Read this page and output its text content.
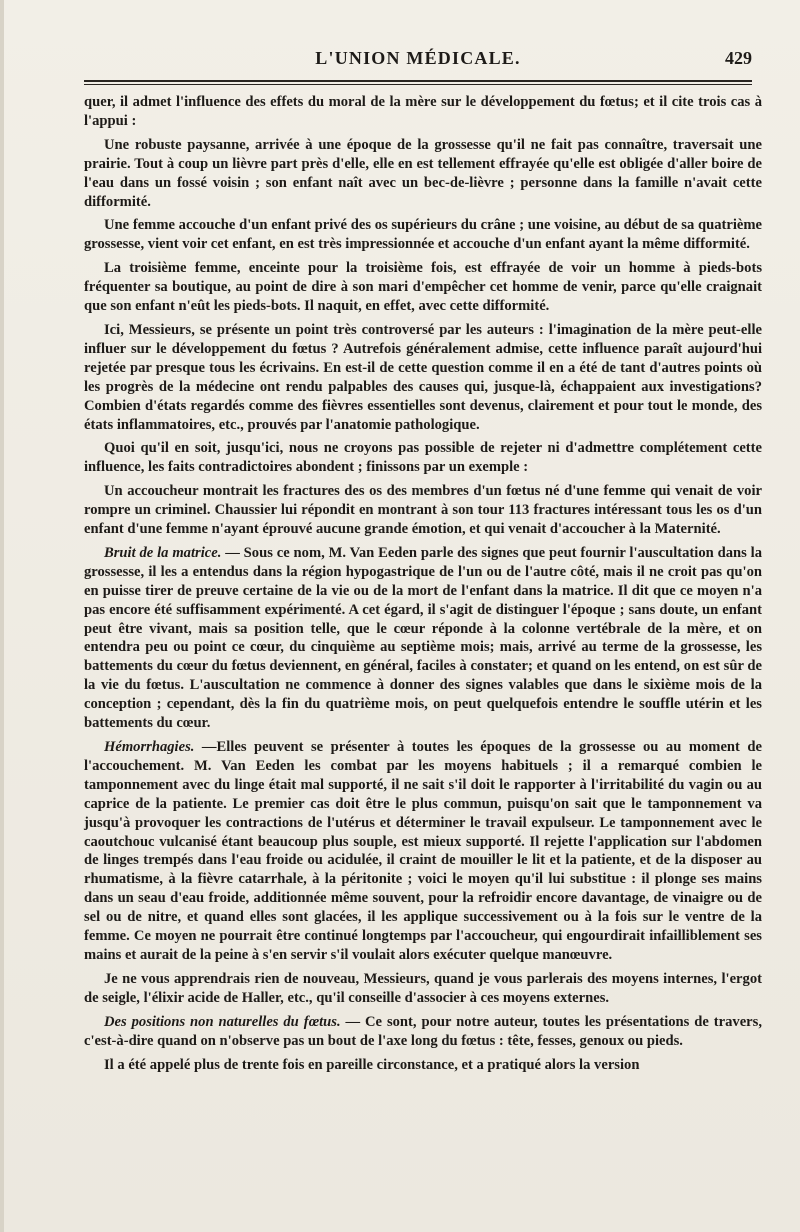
L'UNION MÉDICALE.	429

quer, il admet l'influence des effets du moral de la mère sur le développement du fœtus; et il cite trois cas à l'appui :

Une robuste paysanne, arrivée à une époque de la grossesse qu'il ne fait pas connaître, traversait une prairie. Tout à coup un lièvre part près d'elle, elle en est tellement effrayée qu'elle est obligée d'aller boire de l'eau dans un fossé voisin ; son enfant naît avec un bec-de-lièvre ; personne dans la famille n'avait cette difformité.

Une femme accouche d'un enfant privé des os supérieurs du crâne ; une voisine, au début de sa quatrième grossesse, vient voir cet enfant, en est très impressionnée et accouche d'un enfant ayant la même difformité.

La troisième femme, enceinte pour la troisième fois, est effrayée de voir un homme à pieds-bots fréquenter sa boutique, au point de dire à son mari d'empêcher cet homme de venir, parce qu'elle craignait que son enfant n'eût les pieds-bots. Il naquit, en effet, avec cette difformité.

Ici, Messieurs, se présente un point très controversé par les auteurs : l'imagination de la mère peut-elle influer sur le développement du fœtus ? Autrefois généralement admise, cette influence paraît aujourd'hui rejetée par presque tous les écrivains. En est-il de cette question comme il en a été de tant d'autres points où les progrès de la médecine ont rendu palpables des causes qui, jusque-là, échappaient aux investigations? Combien d'états regardés comme des fièvres essentielles sont devenus, clairement et pour tout le monde, des états inflammatoires, etc., prouvés par l'anatomie pathologique.

Quoi qu'il en soit, jusqu'ici, nous ne croyons pas possible de rejeter ni d'admettre complétement cette influence, les faits contradictoires abondent ; finissons par un exemple :

Un accoucheur montrait les fractures des os des membres d'un fœtus né d'une femme qui venait de voir rompre un criminel. Chaussier lui répondit en montrant à son tour 113 fractures intéressant tous les os d'un enfant d'une femme n'ayant éprouvé aucune grande émotion, et qui venait d'accoucher à la Maternité.

Bruit de la matrice. — Sous ce nom, M. Van Eeden parle des signes que peut fournir l'auscultation dans la grossesse, il les a entendus dans la région hypogastrique de l'un ou de l'autre côté, mais il ne croit pas qu'on en puisse tirer de preuve certaine de la vie ou de la mort de l'enfant dans la matrice. Il dit que ce moyen n'a pas encore été suffisamment expérimenté. A cet égard, il s'agit de distinguer l'époque ; sans doute, un enfant peut être vivant, mais sa position telle, que le cœur réponde à la colonne vertébrale de la mère, et on entendra peu ou point ce cœur, du cinquième au septième mois; mais, arrivé au terme de la grossesse, les battements du cœur du fœtus deviennent, en général, faciles à constater; et quand on les entend, on est sûr de la vie du fœtus. L'auscultation ne commence à donner des signes valables que dans le sixième mois de la conception ; cependant, dès la fin du quatrième mois, on peut quelquefois entendre le souffle utérin et les battements du cœur.

Hémorrhagies. —Elles peuvent se présenter à toutes les époques de la grossesse ou au moment de l'accouchement. M. Van Eeden les combat par les moyens habituels ; il a remarqué combien le tamponnement avec du linge était mal supporté, il ne sait s'il doit le rapporter à l'irritabilité du vagin ou au caprice de la patiente. Le premier cas doit être le plus commun, puisqu'on sait que le tamponnement va jusqu'à provoquer les contractions de l'utérus et déterminer le travail expulseur. Le tamponnement avec le caoutchouc vulcanisé étant beaucoup plus souple, est mieux supporté. Il rejette l'application sur l'abdomen de linges trempés dans l'eau froide ou acidulée, il craint de mouiller le lit et la patiente, et de la disposer au rhumatisme, à la fièvre catarrhale, à la péritonite ; voici le moyen qu'il lui substitue : il plonge ses mains dans un seau d'eau froide, additionnée même souvent, pour la refroidir encore davantage, de vinaigre ou de sel ou de nitre, et quand elles sont glacées, il les applique successivement ou à la fois sur le ventre de la femme. Ce moyen ne pourrait être continué longtemps par l'accoucheur, qui engourdirait infailliblement ses mains et aurait de la peine à s'en servir s'il voulait alors exécuter quelque manœuvre.

Je ne vous apprendrais rien de nouveau, Messieurs, quand je vous parlerais des moyens internes, l'ergot de seigle, l'élixir acide de Haller, etc., qu'il conseille d'associer à ces moyens externes.

Des positions non naturelles du fœtus. — Ce sont, pour notre auteur, toutes les présentations de travers, c'est-à-dire quand on n'observe pas un bout de l'axe long du fœtus : tête, fesses, genoux ou pieds.

Il a été appelé plus de trente fois en pareille circonstance, et a pratiqué alors la version
